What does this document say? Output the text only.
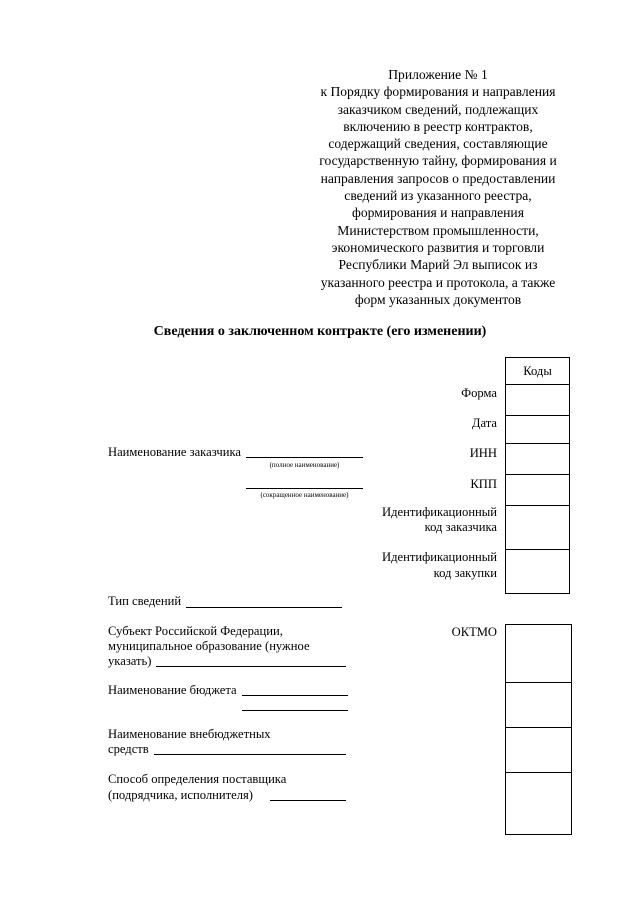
Приложение № 1
к Порядку формирования и направления
заказчиком сведений, подлежащих
включению в реестр контрактов,
содержащий сведения, составляющие
государственную тайну, формирования и
направления запросов о предоставлении
сведений из указанного реестра,
формирования и направления
Министерством промышленности,
экономического развития и торговли
Республики Марий Эл выписок из
указанного реестра и протокола, а также
форм указанных документов
Сведения о заключенном контракте (его изменении)
Коды
Форма
Дата
ИНН
КПП
Идентификационный
код заказчика
Идентификационный
код закупки
ОКТМО
Наименование заказчика
(полное наименование)
(сокращенное наименование)
Тип сведений
Субъект Российской Федерации,
муниципальное образование (нужное
указать)
Наименование бюджета
Наименование внебюджетных
средств
Способ определения поставщика
(подрядчика, исполнителя)
